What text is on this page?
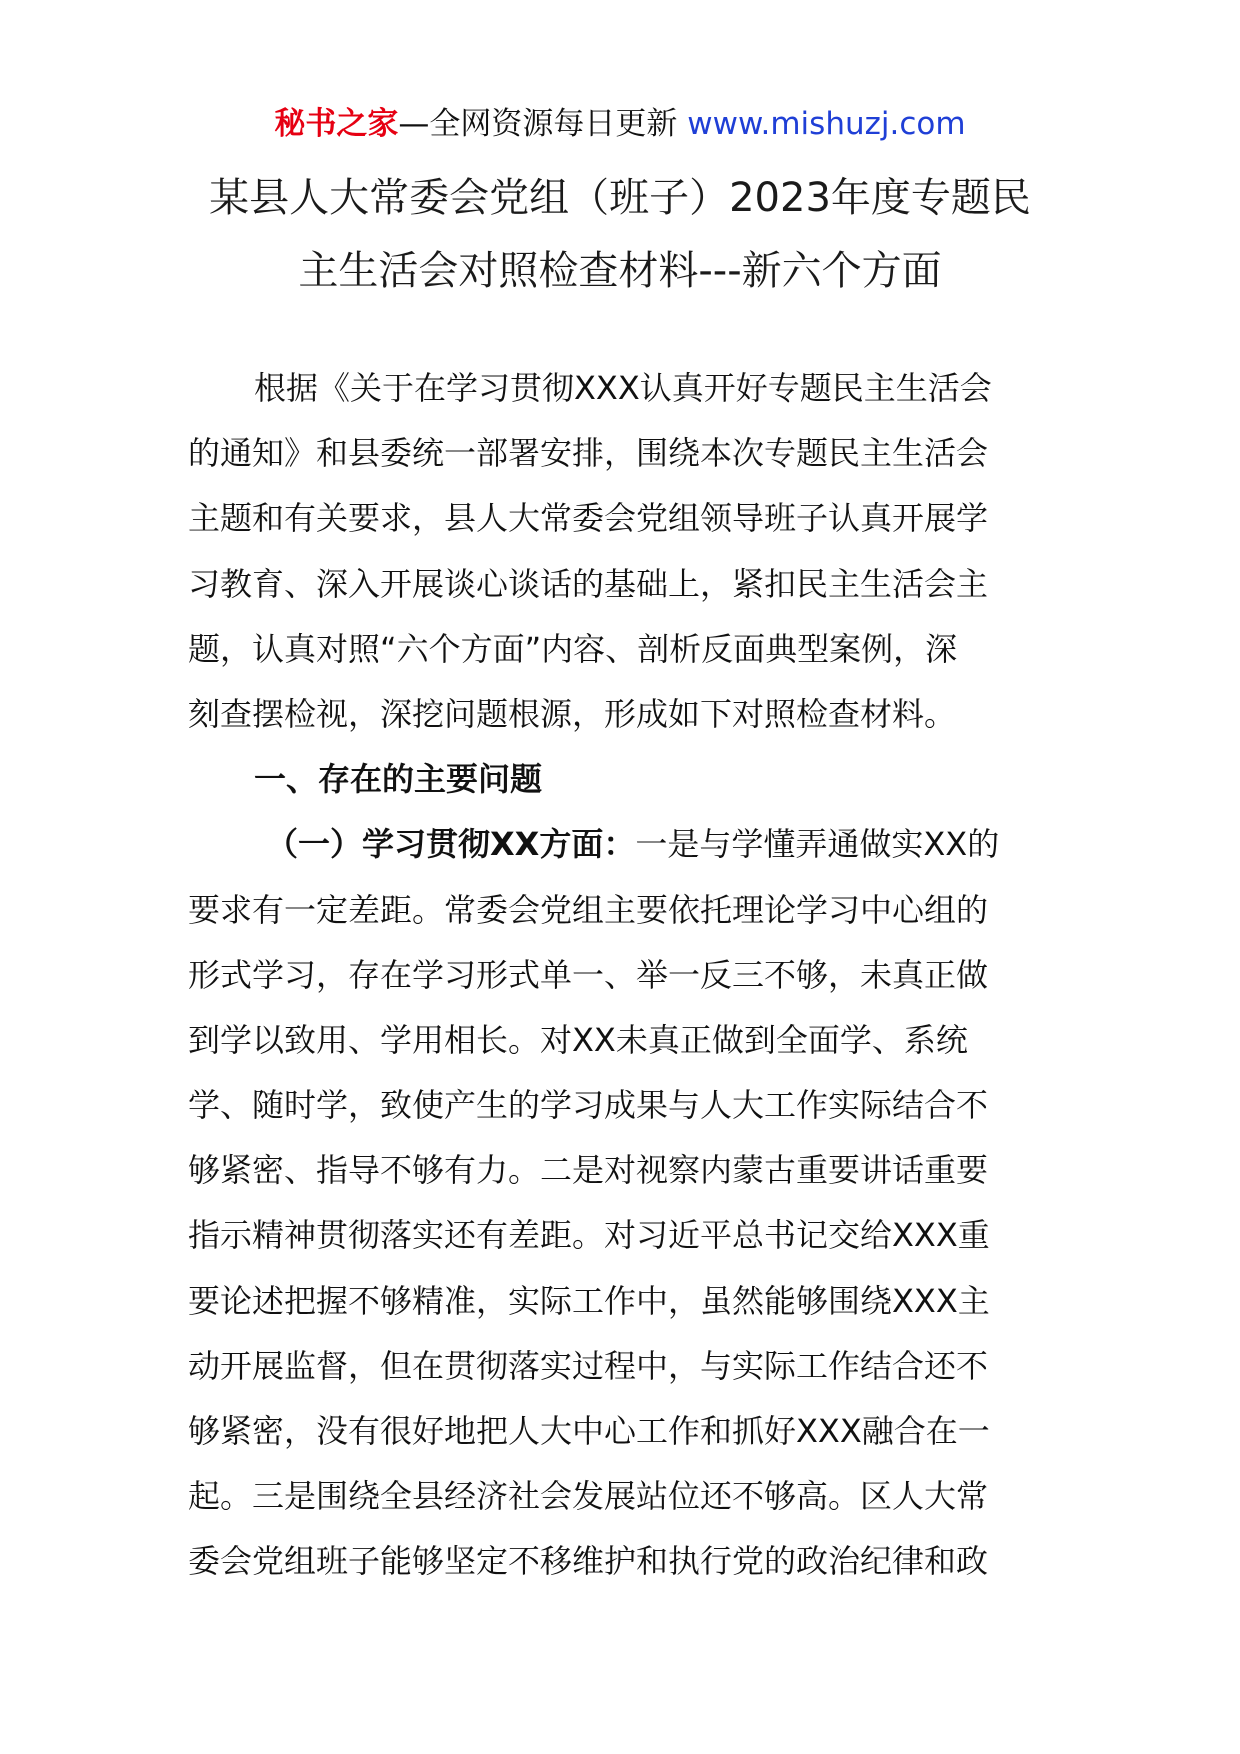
秘书之家—全网资源每日更新 www.mishuzj.com
某县人大常委会党组（班子）2023年度专题民
主生活会对照检查材料---新六个方面
根据《关于在学习贯彻XXX认真开好专题民主生活会
的通知》和县委统一部署安排，围绕本次专题民主生活会
主题和有关要求，县人大常委会党组领导班子认真开展学
习教育、深入开展谈心谈话的基础上，紧扣民主生活会主
题，认真对照“六个方面”内容、剖析反面典型案例，深
刻查摆检视，深挖问题根源，形成如下对照检查材料。
一、存在的主要问题
（一）学习贯彻XX方面：一是与学懂弄通做实XX的
要求有一定差距。常委会党组主要依托理论学习中心组的
形式学习，存在学习形式单一、举一反三不够，未真正做
到学以致用、学用相长。对XX未真正做到全面学、系统
学、随时学，致使产生的学习成果与人大工作实际结合不
够紧密、指导不够有力。二是对视察内蒙古重要讲话重要
指示精神贯彻落实还有差距。对习近平总书记交给XXX重
要论述把握不够精准，实际工作中，虽然能够围绕XXX主
动开展监督，但在贯彻落实过程中，与实际工作结合还不
够紧密，没有很好地把人大中心工作和抓好XXX融合在一
起。三是围绕全县经济社会发展站位还不够高。区人大常
委会党组班子能够坚定不移维护和执行党的政治纪律和政
